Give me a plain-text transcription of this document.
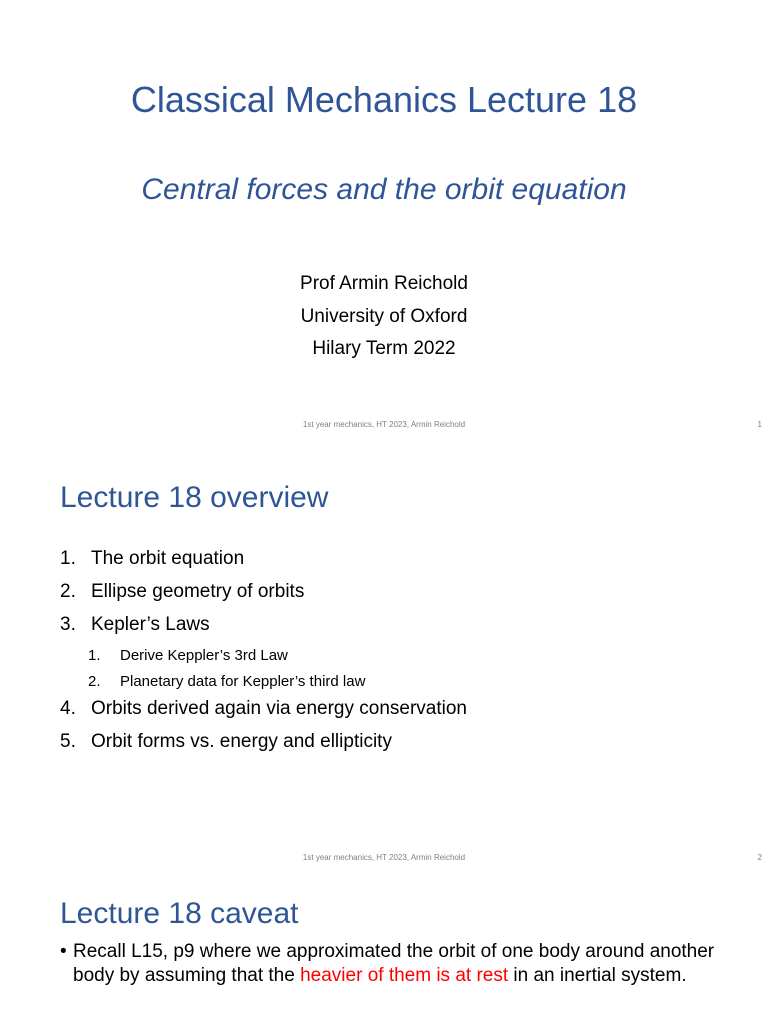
Classical Mechanics Lecture 18
Central forces and the orbit equation
Prof Armin Reichold
University of Oxford
Hilary Term 2022
1st year mechanics, HT 2023, Armin Reichold	1
Lecture 18 overview
1. The orbit equation
2. Ellipse geometry of orbits
3. Kepler’s Laws
1.	Derive Keppler’s 3rd Law
2.	Planetary data for Keppler’s third law
4. Orbits derived again via energy conservation
5. Orbit forms vs. energy and ellipticity
1st year mechanics, HT 2023, Armin Reichold	2
Lecture 18 caveat
• Recall L15, p9 where we approximated the orbit of one body around another body by assuming that the heavier of them is at rest in an inertial system.
